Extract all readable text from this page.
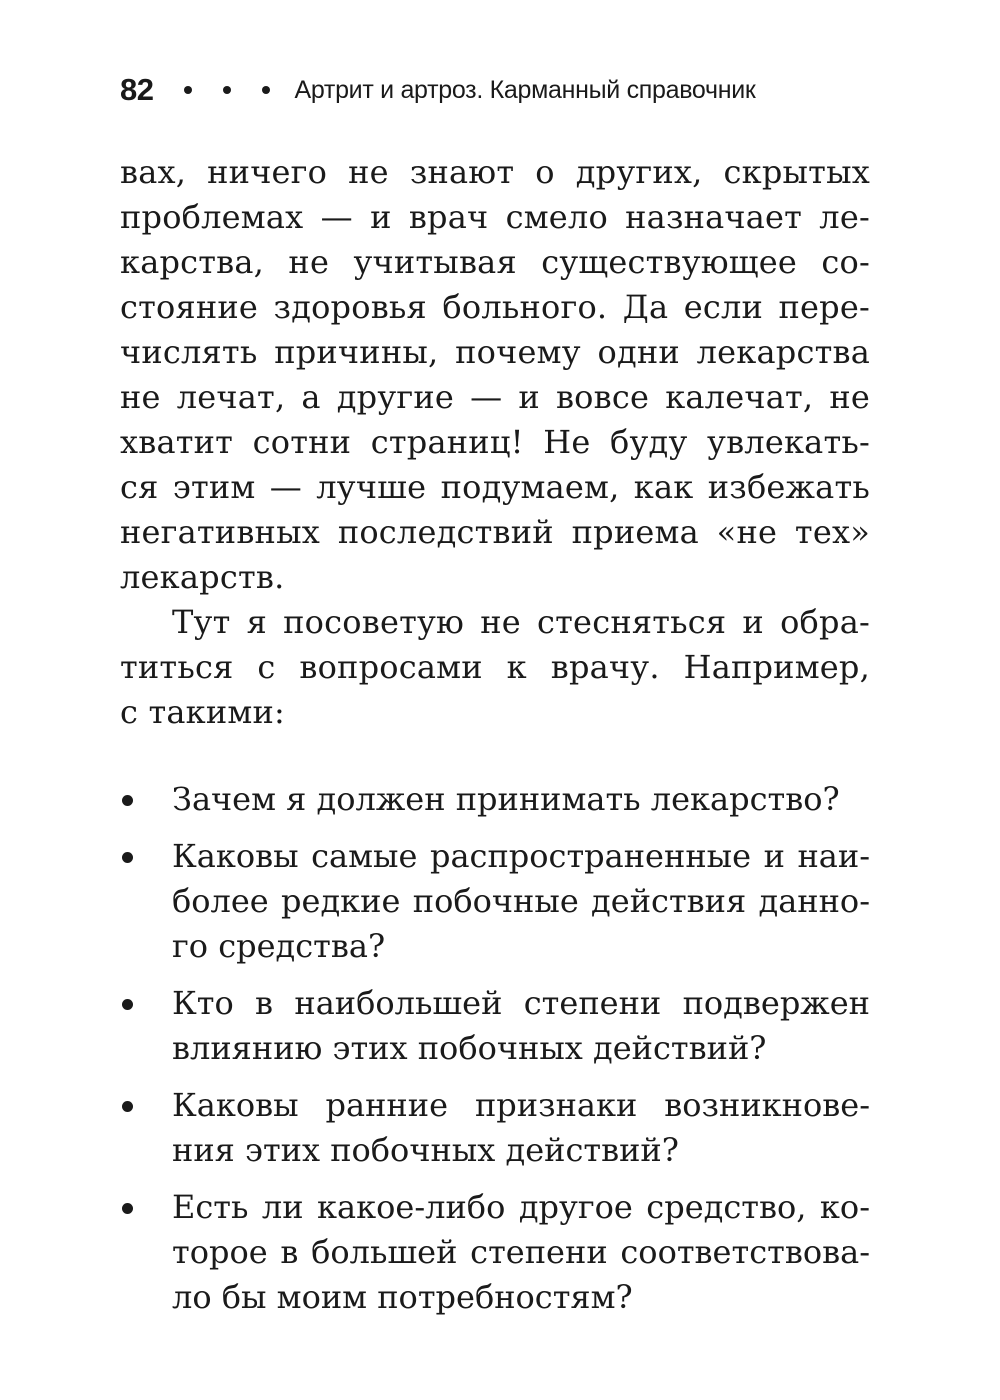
82	Артрит и артроз. Карманный справочник

вах, ничего не знают о других, скрытых
проблемах — и врач смело назначает ле-
карства, не учитывая существующее со-
стояние здоровья больного. Да если пере-
числять причины, почему одни лекарства
не лечат, а другие — и вовсе калечат, не
хватит сотни страниц! Не буду увлекать-
ся этим — лучше подумаем, как избежать
негативных последствий приема «не тех»
лекарств.

Тут я посоветую не стесняться и обра-
титься с вопросами к врачу. Например,
с такими:

Зачем я должен принимать лекарство?
Каковы самые распространенные и наи-
более редкие побочные действия данно-
го средства?
Кто в наибольшей степени подвержен
влиянию этих побочных действий?
Каковы ранние признаки возникнове-
ния этих побочных действий?
Есть ли какое-либо другое средство, ко-
торое в большей степени соответствова-
ло бы моим потребностям?
